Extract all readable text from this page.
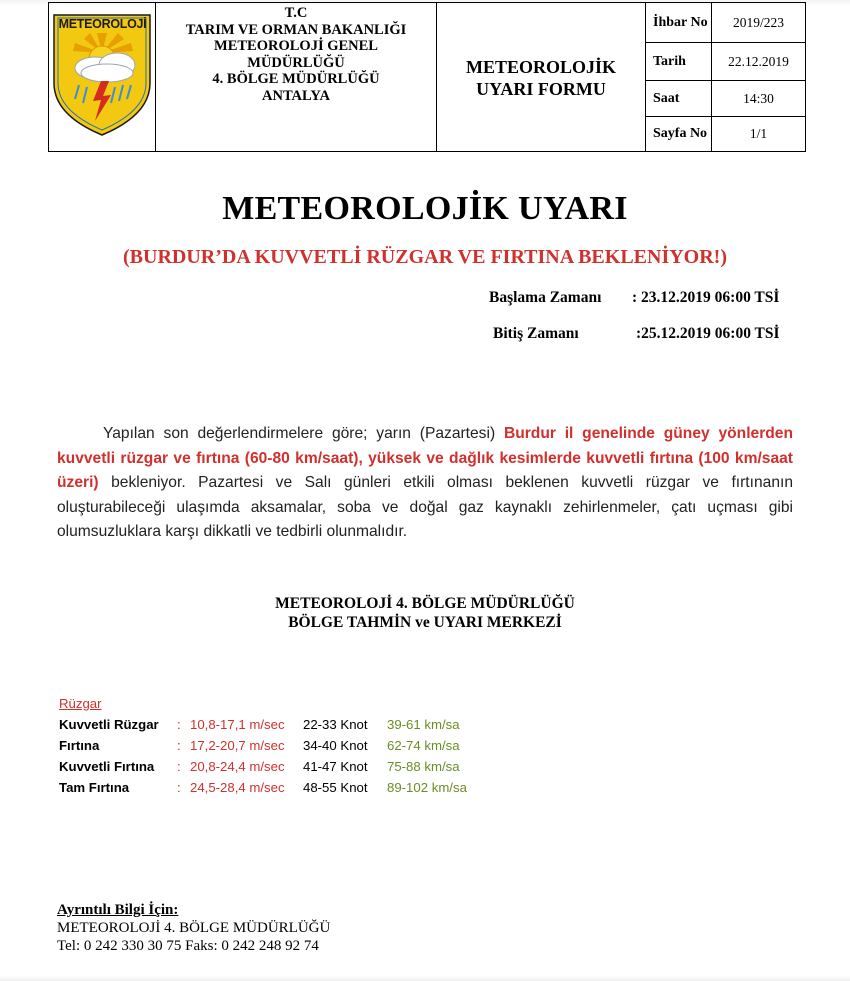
METEOROLOJİ
T.C
TARIM VE ORMAN BAKANLIĞI
METEOROLOJİ GENEL
MÜDÜRLÜĞÜ
4. BÖLGE MÜDÜRLÜĞÜ
ANTALYA
METEOROLOJİK
UYARI FORMU
İhbar No	2019/223
Tarih	22.12.2019
Saat	14:30
Sayfa No	1/1
METEOROLOJİK UYARI
(BURDUR’DA KUVVETLİ RÜZGAR VE FIRTINA BEKLENİYOR!)
Başlama Zamanı : 23.12.2019 06:00 TSİ
Bitiş Zamanı	:25.12.2019 06:00 TSİ
Yapılan son değerlendirmelere göre; yarın (Pazartesi) Burdur il genelinde güney yönlerden kuvvetli rüzgar ve fırtına (60-80 km/saat), yüksek ve dağlık kesimlerde kuvvetli fırtına (100 km/saat üzeri) bekleniyor. Pazartesi ve Salı günleri etkili olması beklenen kuvvetli rüzgar ve fırtınanın oluşturabileceği ulaşımda aksamalar, soba ve doğal gaz kaynaklı zehirlenmeler, çatı uçması gibi olumsuzluklara karşı dikkatli ve tedbirli olunmalıdır.
METEOROLOJİ 4. BÖLGE MÜDÜRLÜĞÜ
BÖLGE TAHMİN ve UYARI MERKEZİ
Rüzgar
Kuvvetli Rüzgar : 10,8-17,1 m/sec 22-33 Knot 39-61 km/sa
Fırtına	: 17,2-20,7 m/sec 34-40 Knot 62-74 km/sa
Kuvvetli Fırtına : 20,8-24,4 m/sec 41-47 Knot 75-88 km/sa
Tam Fırtına	: 24,5-28,4 m/sec 48-55 Knot 89-102 km/sa
Ayrıntılı Bilgi İçin:
METEOROLOJİ 4. BÖLGE MÜDÜRLÜĞÜ
Tel: 0 242 330 30 75 Faks: 0 242 248 92 74
